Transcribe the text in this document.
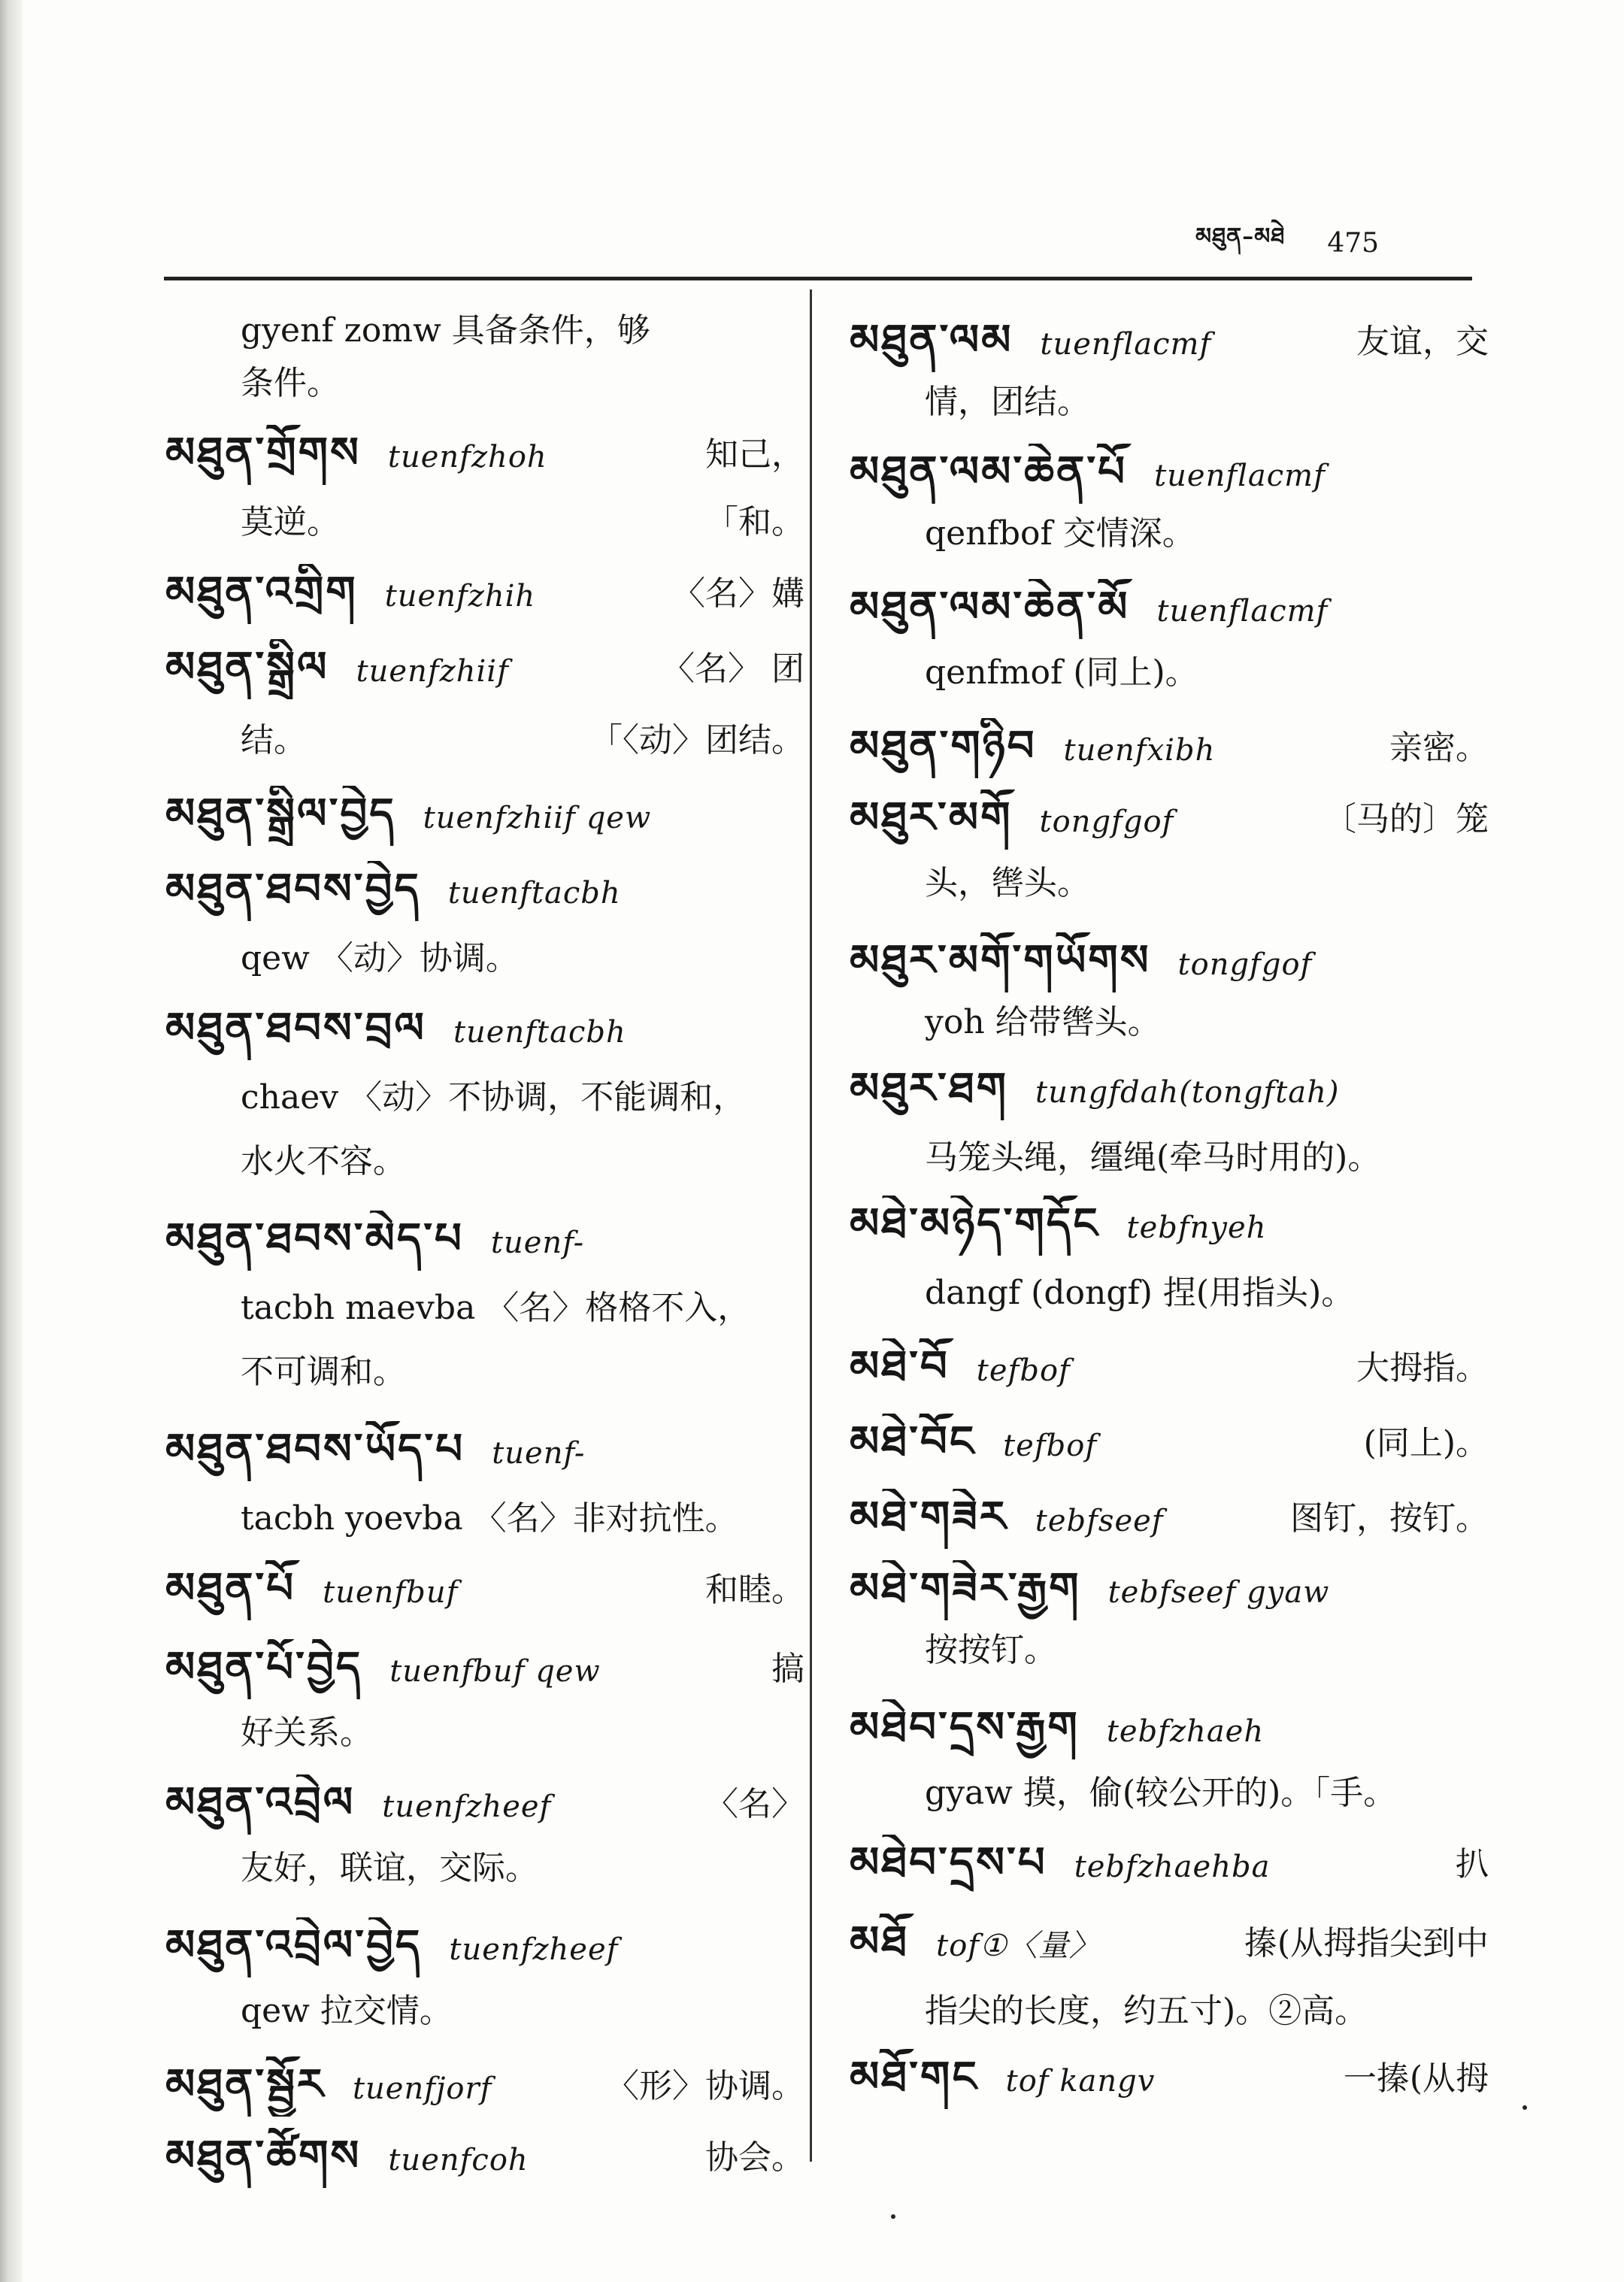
མཐུན–མཐེ 475
gyenf zomw 具备条件，够
条件。
མཐུན་གྲོགས tuenfzhoh	知己，
莫逆。	「和。
མཐུན་འགྲིག tuenfzhih	〈名〉媾
མཐུན་སྒྲིལ tuenfzhiif	〈名〉 团
结。	「〈动〉团结。
མཐུན་སྒྲིལ་བྱེད tuenfzhiif qew
མཐུན་ཐབས་བྱེད tuenftacbh
qew 〈动〉协调。
མཐུན་ཐབས་བྲལ tuenftacbh
chaev 〈动〉不协调，不能调和，
水火不容。
མཐུན་ཐབས་མེད་པ tuenf-
tacbh maevba 〈名〉格格不入，
不可调和。
མཐུན་ཐབས་ཡོད་པ tuenf-
tacbh yoevba 〈名〉非对抗性。
མཐུན་པོ tuenfbuf	和睦。
མཐུན་པོ་བྱེད tuenfbuf qew	搞
好关系。
མཐུན་འབྲེལ tuenfzheef	〈名〉
友好，联谊，交际。
མཐུན་འབྲེལ་བྱེད tuenfzheef
qew 拉交情。
མཐུན་སྦྱོར tuenfjorf	〈形〉协调。
མཐུན་ཚོགས tuenfcoh	协会。
མཐུན་ལམ tuenflacmf	友谊，交
情，团结。
མཐུན་ལམ་ཆེན་པོ tuenflacmf
qenfbof 交情深。
མཐུན་ལམ་ཆེན་མོ tuenflacmf
qenfmof (同上)。
མཐུན་གཉིབ tuenfxibh	亲密。
མཐུར་མགོ tongfgof	〔马的〕笼
头，辔头。
མཐུར་མགོ་གཡོགས tongfgof
yoh 给带辔头。
མཐུར་ཐག tungfdah(tongftah)
马笼头绳，缰绳(牵马时用的)。
མཐེ་མཉེད་གདོང tebfnyeh
dangf (dongf) 捏(用指头)。
མཐེ་བོ tefbof	大拇指。
མཐེ་བོང tefbof	(同上)。
མཐེ་གཟེར tebfseef	图钉，按钉。
མཐེ་གཟེར་རྒྱག tebfseef gyaw
按按钉。
མཐེབ་དྲས་རྒྱག tebfzhaeh
gyaw 摸，偷(较公开的)。「手。
མཐེབ་དྲས་པ tebfzhaehba	扒
མཐོ tof①〈量〉	搸(从拇指尖到中
指尖的长度，约五寸)。②高。
མཐོ་གང tof kangv	一搸(从拇
